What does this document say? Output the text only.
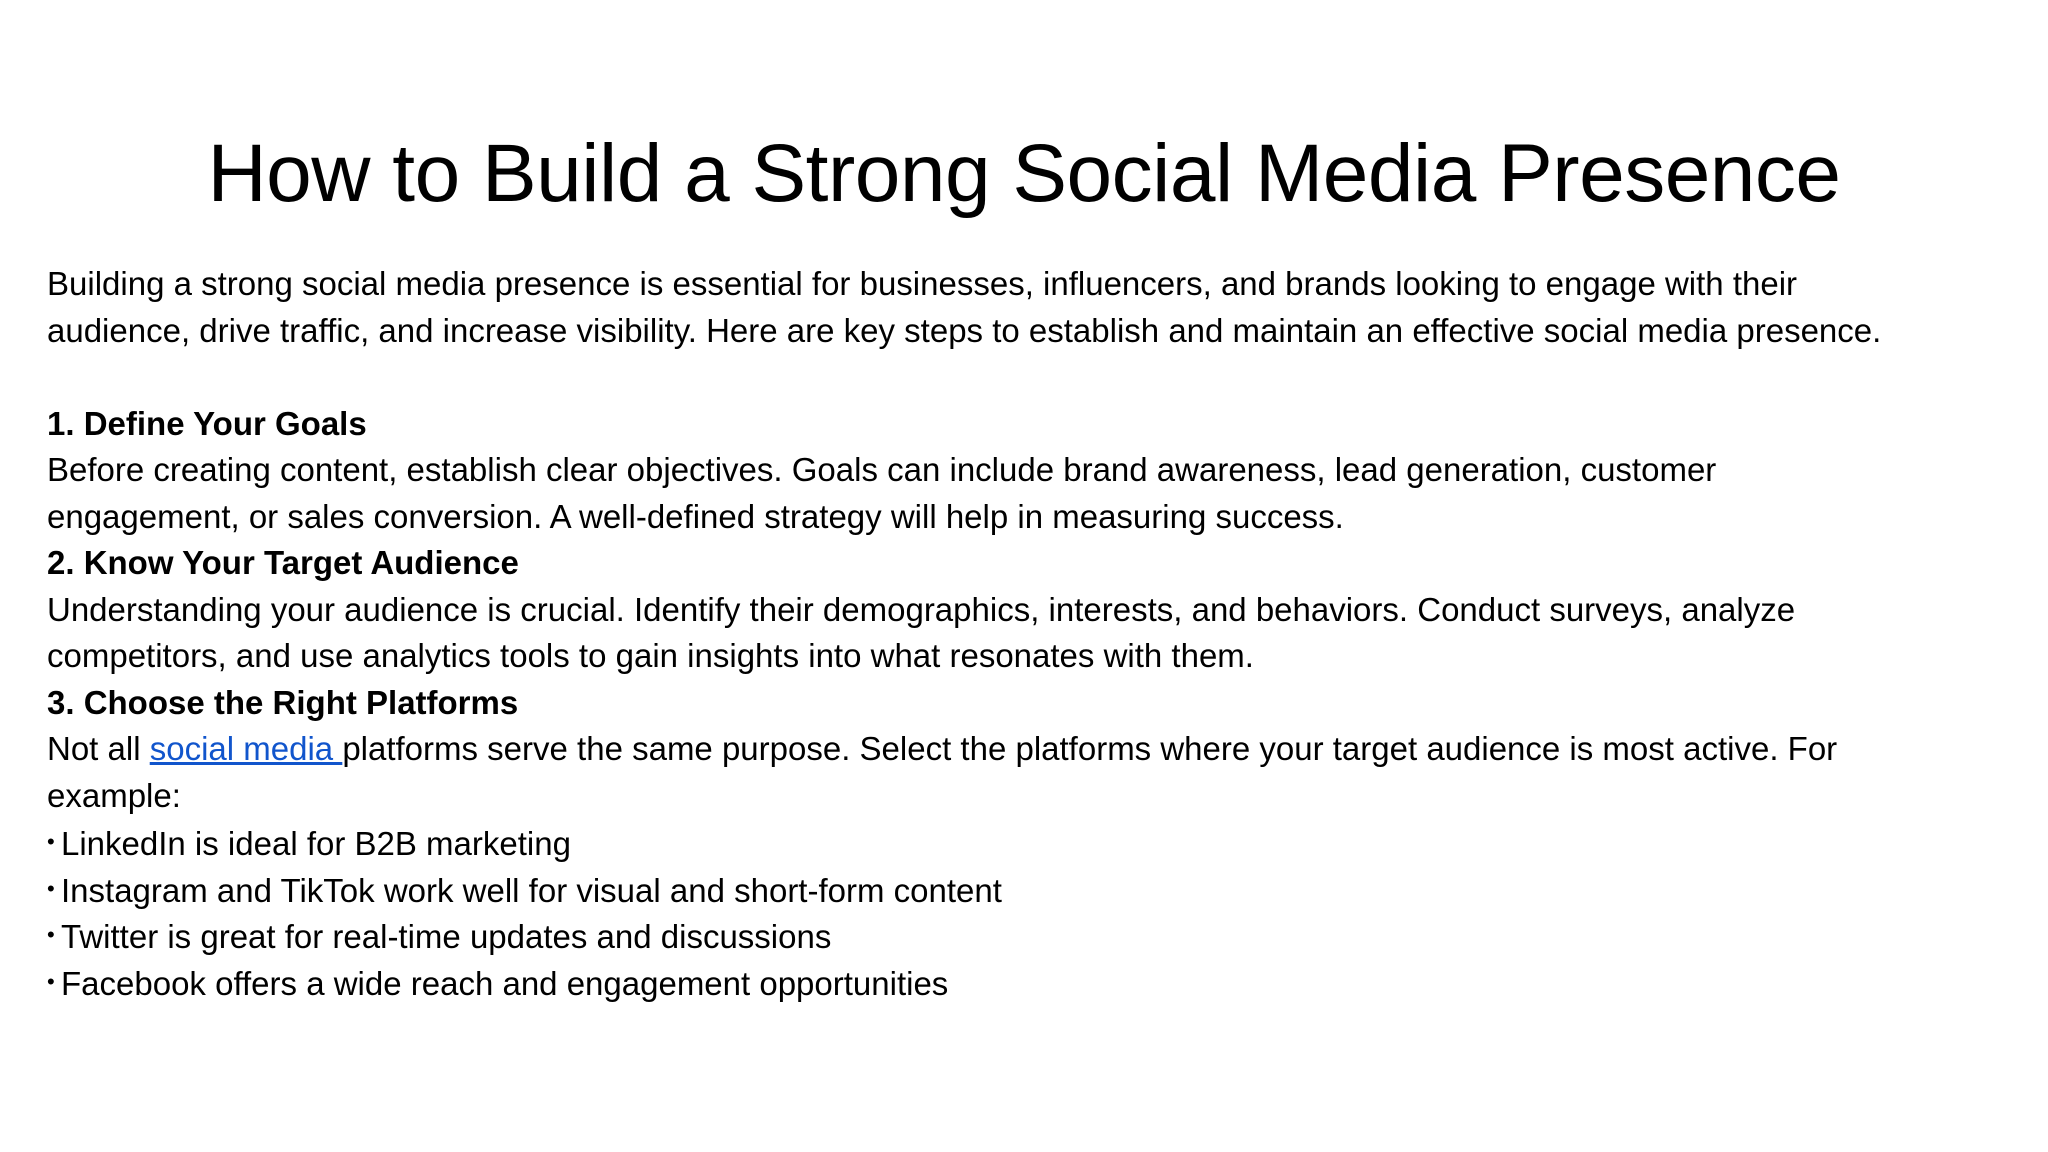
How to Build a Strong Social Media Presence
Building a strong social media presence is essential for businesses, influencers, and brands looking to engage with their
audience, drive traffic, and increase visibility. Here are key steps to establish and maintain an effective social media presence.
1. Define Your Goals
Before creating content, establish clear objectives. Goals can include brand awareness, lead generation, customer
engagement, or sales conversion. A well-defined strategy will help in measuring success.
2. Know Your Target Audience
Understanding your audience is crucial. Identify their demographics, interests, and behaviors. Conduct surveys, analyze
competitors, and use analytics tools to gain insights into what resonates with them.
3. Choose the Right Platforms
Not all social media platforms serve the same purpose. Select the platforms where your target audience is most active. For
example:
• LinkedIn is ideal for B2B marketing
• Instagram and TikTok work well for visual and short-form content
• Twitter is great for real-time updates and discussions
• Facebook offers a wide reach and engagement opportunities
